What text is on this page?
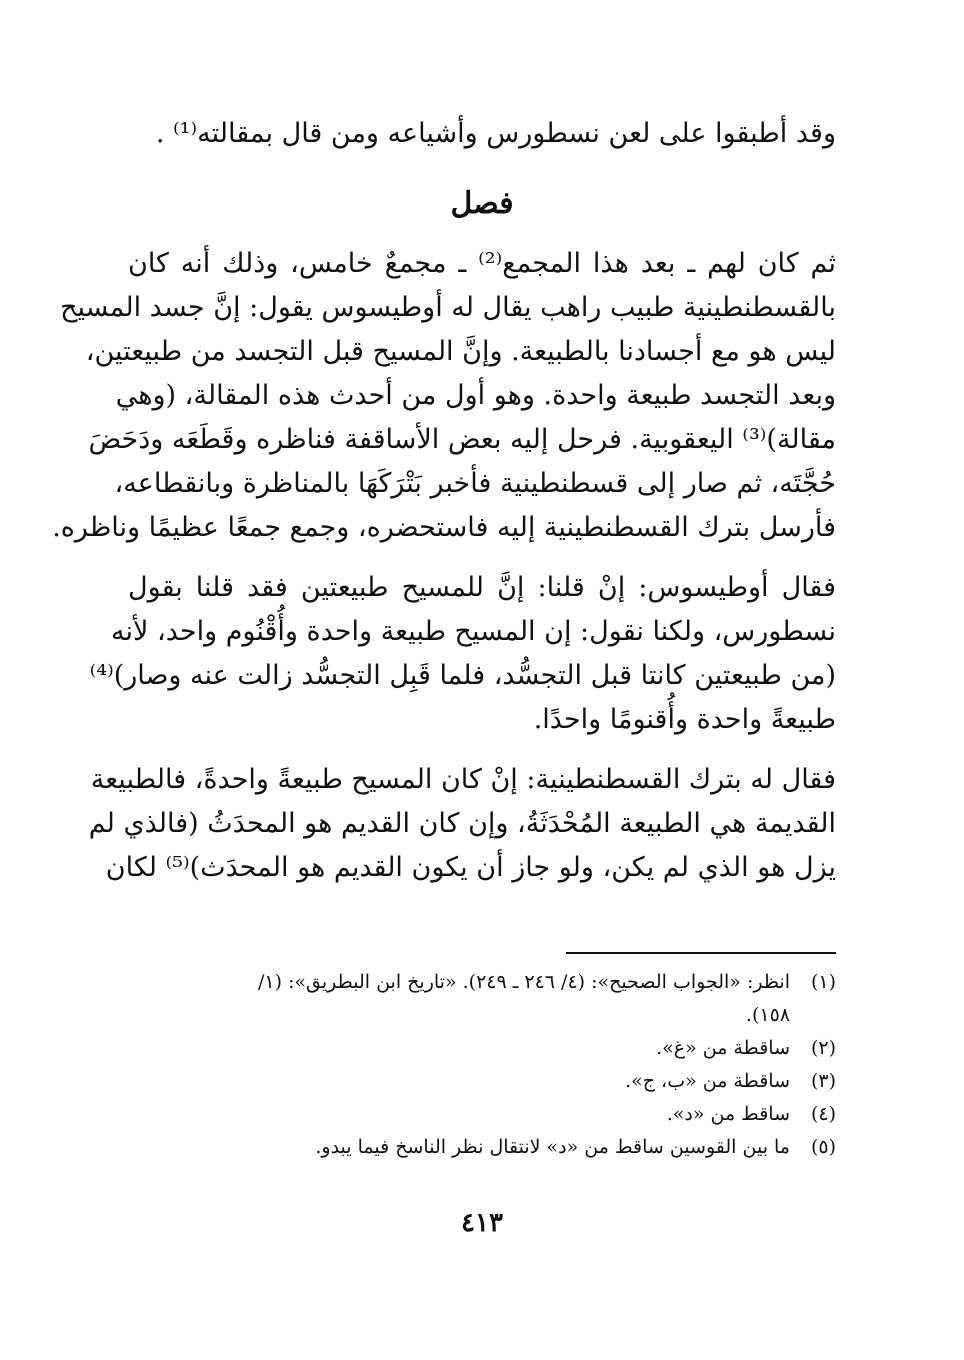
وقد أطبقوا على لعن نسطورس وأشياعه ومن قال بمقالته⁽¹⁾ .
فصل
ثم كان لهم ـ بعد هذا المجمع⁽²⁾ ـ مجمعٌ خامس، وذلك أنه كان
بالقسطنطينية طبيب راهب يقال له أوطيسوس يقول: إنَّ جسد المسيح
ليس هو مع أجسادنا بالطبيعة. وإنَّ المسيح قبل التجسد من طبيعتين،
وبعد التجسد طبيعة واحدة. وهو أول من أحدث هذه المقالة، (وهي
مقالة)⁽³⁾ اليعقوبية. فرحل إليه بعض الأساقفة فناظره وقَطَعَه ودَحَضَ
حُجَّتَه، ثم صار إلى قسطنطينية فأخبر بَتْرَكَهَا بالمناظرة وبانقطاعه،
فأرسل بترك القسطنطينية إليه فاستحضره، وجمع جمعًا عظيمًا وناظره.
فقال أوطيسوس: إنْ قلنا: إنَّ للمسيح طبيعتين فقد قلنا بقول
نسطورس، ولكنا نقول: إن المسيح طبيعة واحدة وأُقْنُوم واحد، لأنه
(من طبيعتين كانتا قبل التجسُّد، فلما قَبِل التجسُّد زالت عنه وصار)⁽⁴⁾
طبيعةً واحدة وأُقنومًا واحدًا.
فقال له بترك القسطنطينية: إنْ كان المسيح طبيعةً واحدةً، فالطبيعة
القديمة هي الطبيعة المُحْدَثَةُ، وإن كان القديم هو المحدَثُ (فالذي لم
يزل هو الذي لم يكن، ولو جاز أن يكون القديم هو المحدَث)⁽⁵⁾ لكان
(١)
انظر: «الجواب الصحيح»: (٤/ ٢٤٦ ـ ٢٤٩). «تاريخ ابن البطريق»: (١/
١٥٨).
(٢)
ساقطة من «غ».
(٣)
ساقطة من «ب، ج».
(٤)
ساقط من «د».
(٥)
ما بين القوسين ساقط من «د» لانتقال نظر الناسخ فيما يبدو.
٤١٣
